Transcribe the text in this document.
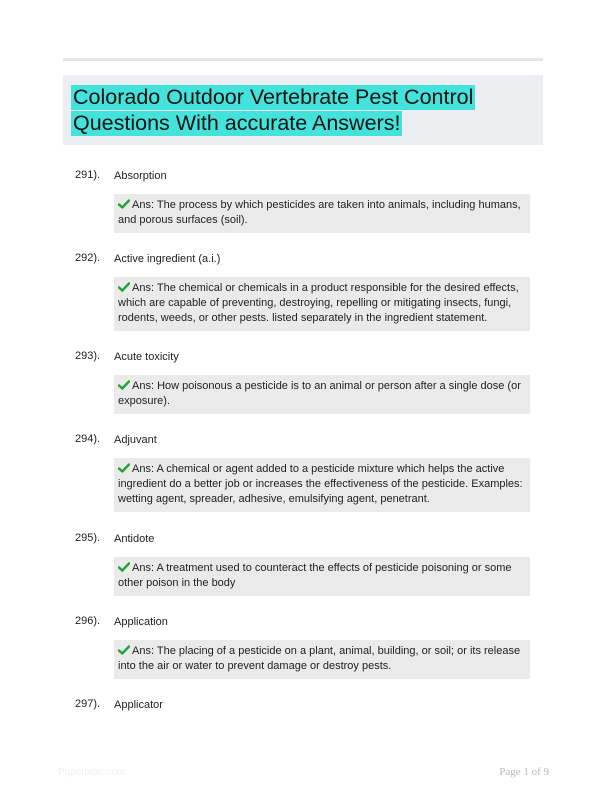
Colorado Outdoor Vertebrate Pest Control
Questions With accurate Answers!
291). Absorption
Ans: The process by which pesticides are taken into animals, including humans, and porous surfaces (soil).
292). Active ingredient (a.i.)
Ans: The chemical or chemicals in a product responsible for the desired effects, which are capable of preventing, destroying, repelling or mitigating insects, fungi, rodents, weeds, or other pests. listed separately in the ingredient statement.
293). Acute toxicity
Ans: How poisonous a pesticide is to an animal or person after a single dose (or exposure).
294). Adjuvant
Ans: A chemical or agent added to a pesticide mixture which helps the active ingredient do a better job or increases the effectiveness of the pesticide. Examples: wetting agent, spreader, adhesive, emulsifying agent, penetrant.
295). Antidote
Ans: A treatment used to counteract the effects of pesticide poisoning or some other poison in the body
296). Application
Ans: The placing of a pesticide on a plant, animal, building, or soil; or its release into the air or water to prevent damage or destroy pests.
297). Applicator
Paperbtbc.com	Page 1 of 9
